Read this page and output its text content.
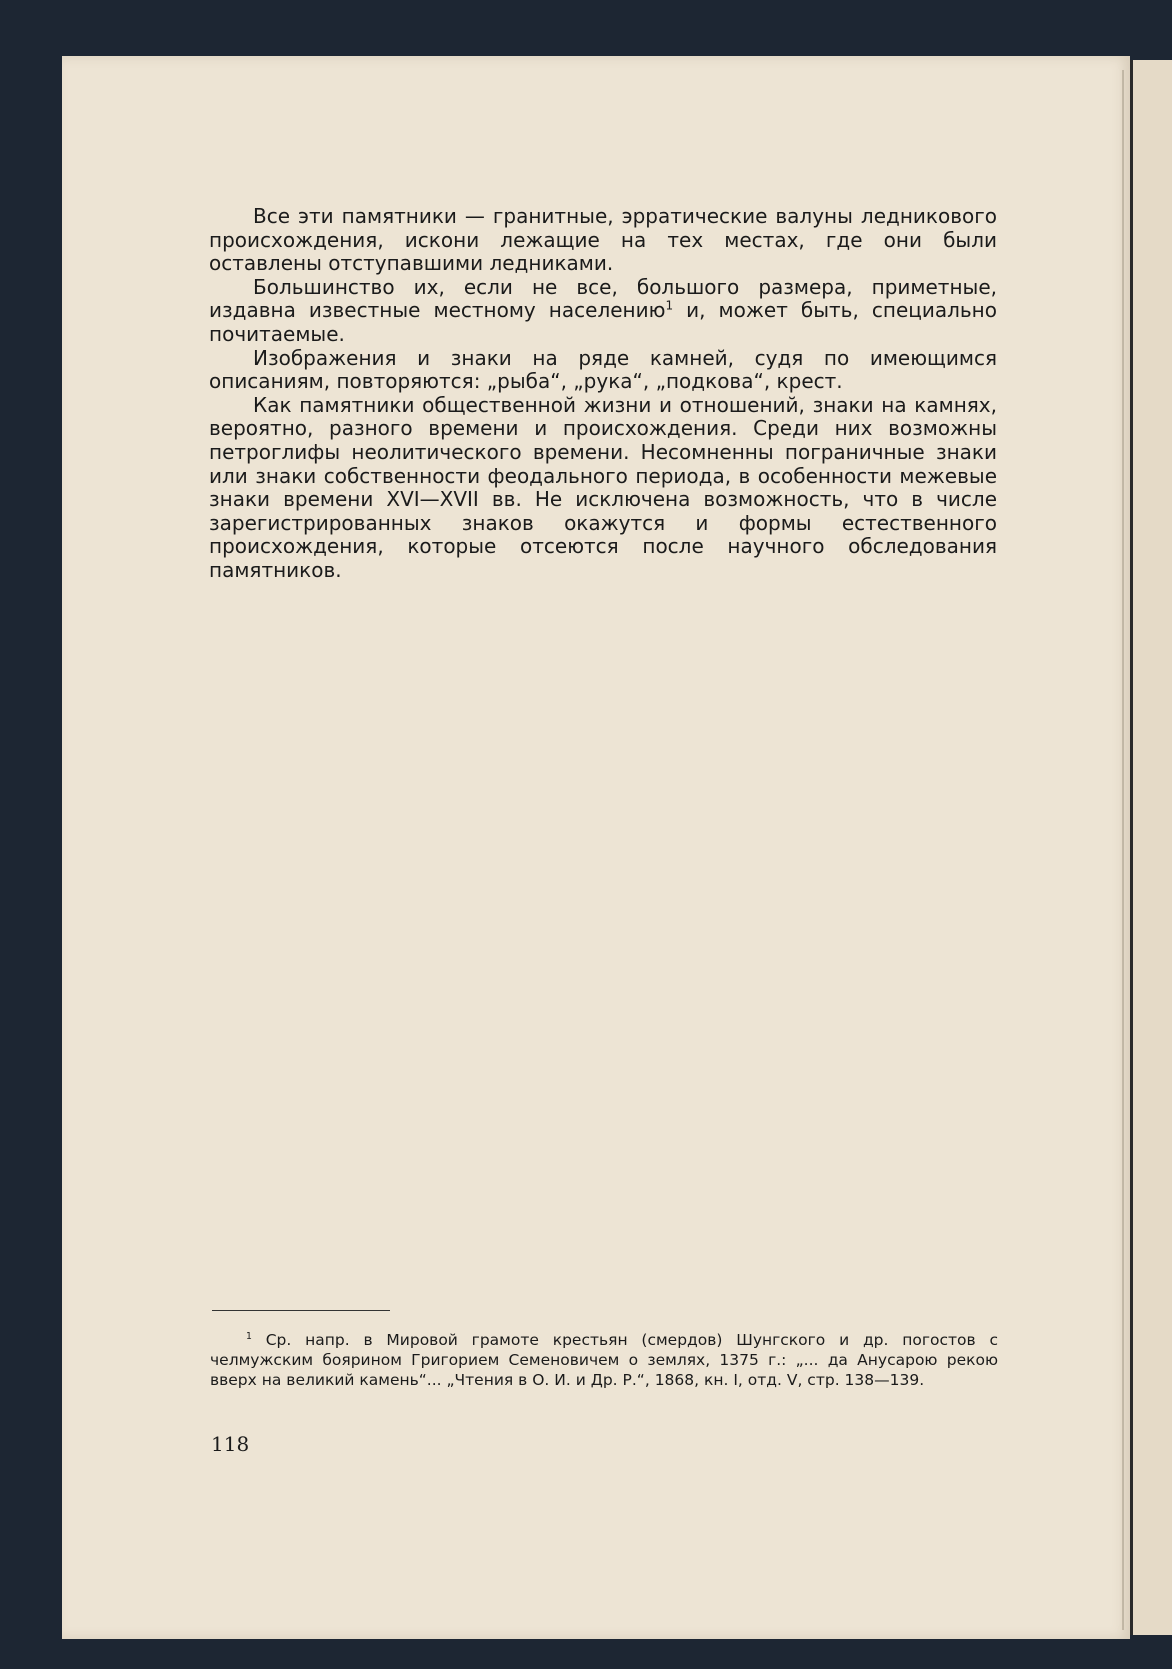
Все эти памятники — гранитные, эрратические валуны ледникового происхождения, искони лежащие на тех местах, где они были оставлены отступавшими ледниками.

Большинство их, если не все, большого размера, приметные, издавна известные местному населению$^1$ и, может быть, специально почитаемые.

Изображения и знаки на ряде камней, судя по имеющимся описаниям, повторяются: „рыба“, „рука“, „подкова“, крест.

Как памятники общественной жизни и отношений, знаки на камнях, вероятно, разного времени и происхождения. Среди них возможны петроглифы неолитического времени. Несомненны пограничные знаки или знаки собственности феодального периода, в особенности межевые знаки времени XVI—XVII вв. Не исключена возможность, что в числе зарегистрированных знаков окажутся и формы естественного происхождения, которые отсеются после научного обследования памятников.

$^1$ Ср. напр. в Мировой грамоте крестьян (смердов) Шунгского и др. погостов с челмужским боярином Григорием Семеновичем о землях, 1375 г.: „... да Анусарою рекою вверх на великий камень“... „Чтения в О. И. и Др. Р.“, 1868, кн. I, отд. V, стр. 138—139.

118
